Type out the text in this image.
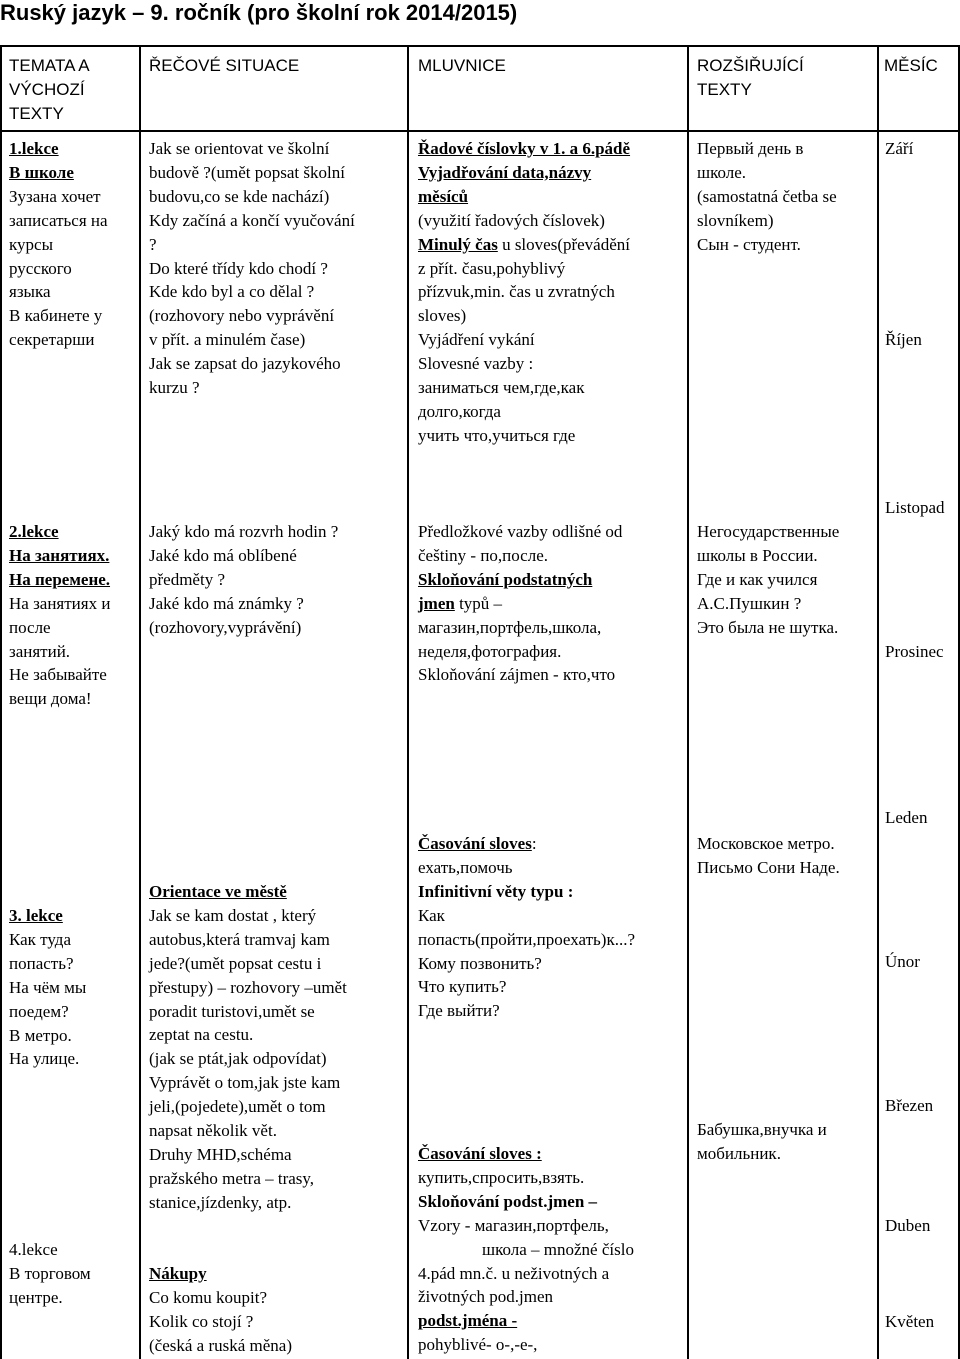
Ruský jazyk – 9. ročník (pro školní rok 2014/2015)
TEMATA A
VÝCHOZÍ
TEXTY
ŘEČOVÉ SITUACE	MLUVNICE	ROZŠIŘUJÍCÍ
TEXTY
MĚSÍC
1.lekce
В школе
Зузана хочет
записаться на
курсы
русского
языка
В кабинете у
секретарши
Jak se orientovat ve školní
budově ?(umět popsat školní
budovu,co se kde nachází)
Kdy začíná a končí vyučování
?
Do které třídy kdo chodí ?
Kde kdo byl a co dělal ?
(rozhovory nebo vyprávění
v přít. a minulém čase)
Jak se zapsat do jazykového
kurzu ?
Řadové číslovky v 1. a 6.pádě
Vyjadřování data,názvy
měsíců
(využití řadových číslovek)
Minulý čas u sloves(převádění
z přít. času,pohyblivý
přízvuk,min. čas u zvratných
sloves)
Vyjádření vykání
Slovesné vazby :
заниматься чем,где,как
долго,когда
учить что,учиться где
Первый день в
школе.
(samostatná četba se
slovníkem)
Сын - студент.
Září
Říjen
2.lekce
На занятиях.
На перемене.
На занятиях и
после
занятий.
Не забывайте
вещи дома!
Jaký kdo má rozvrh hodin ?
Jaké kdo má oblíbené
předměty ?
Jaké kdo má známky ?
(rozhovory,vyprávění)
Předložkové vazby odlišné od
češtiny - по,после.
Skloňování podstatných
jmen typů –
магазин,портфель,школа,
неделя,фотография.
Skloňování zájmen - кто,что
Негосударственные
школы в России.
Где и как учился
А.С.Пушкин ?
Это была не шутка.
Listopad
Prosinec
3. lekce
Как туда
попасть?
На чём мы
поедем?
В метро.
На улице.
4.lekce
В торговом
центре.
Orientace ve městě
Jak se kam dostat , který
autobus,která tramvaj kam
jede?(umět popsat cestu i
přestupy) – rozhovory –umět
poradit turistovi,umět se
zeptat na cestu.
(jak se ptát,jak odpovídat)
Vyprávět o tom,jak jste kam
jeli,(pojedete),umět o tom
napsat několik vět.
Druhy MHD,schéma
pražského metra – trasy,
stanice,jízdenky, atp.
Nákupy
Co komu koupit?
Kolik co stojí ?
(česká a ruská měna)
Časování sloves:
ехать,помочь
Infinitivní věty typu :
Как
попасть(пройти,проехать)к...?
Кому позвонить?
Что купить?
Где выйти?
Časování sloves :
купить,спросить,взять.
Skloňování podst.jmen –
Vzory - магазин,портфель,
школа – množné číslo
4.pád mn.č. u neživotných a
životných pod.jmen
podst.jména -
pohyblivé- о-,-е-,
Московское метро.
Письмо Сони Наде.
Бабушка,внучка и
мобильник.
Leden
Únor
Březen
Duben
Květen
